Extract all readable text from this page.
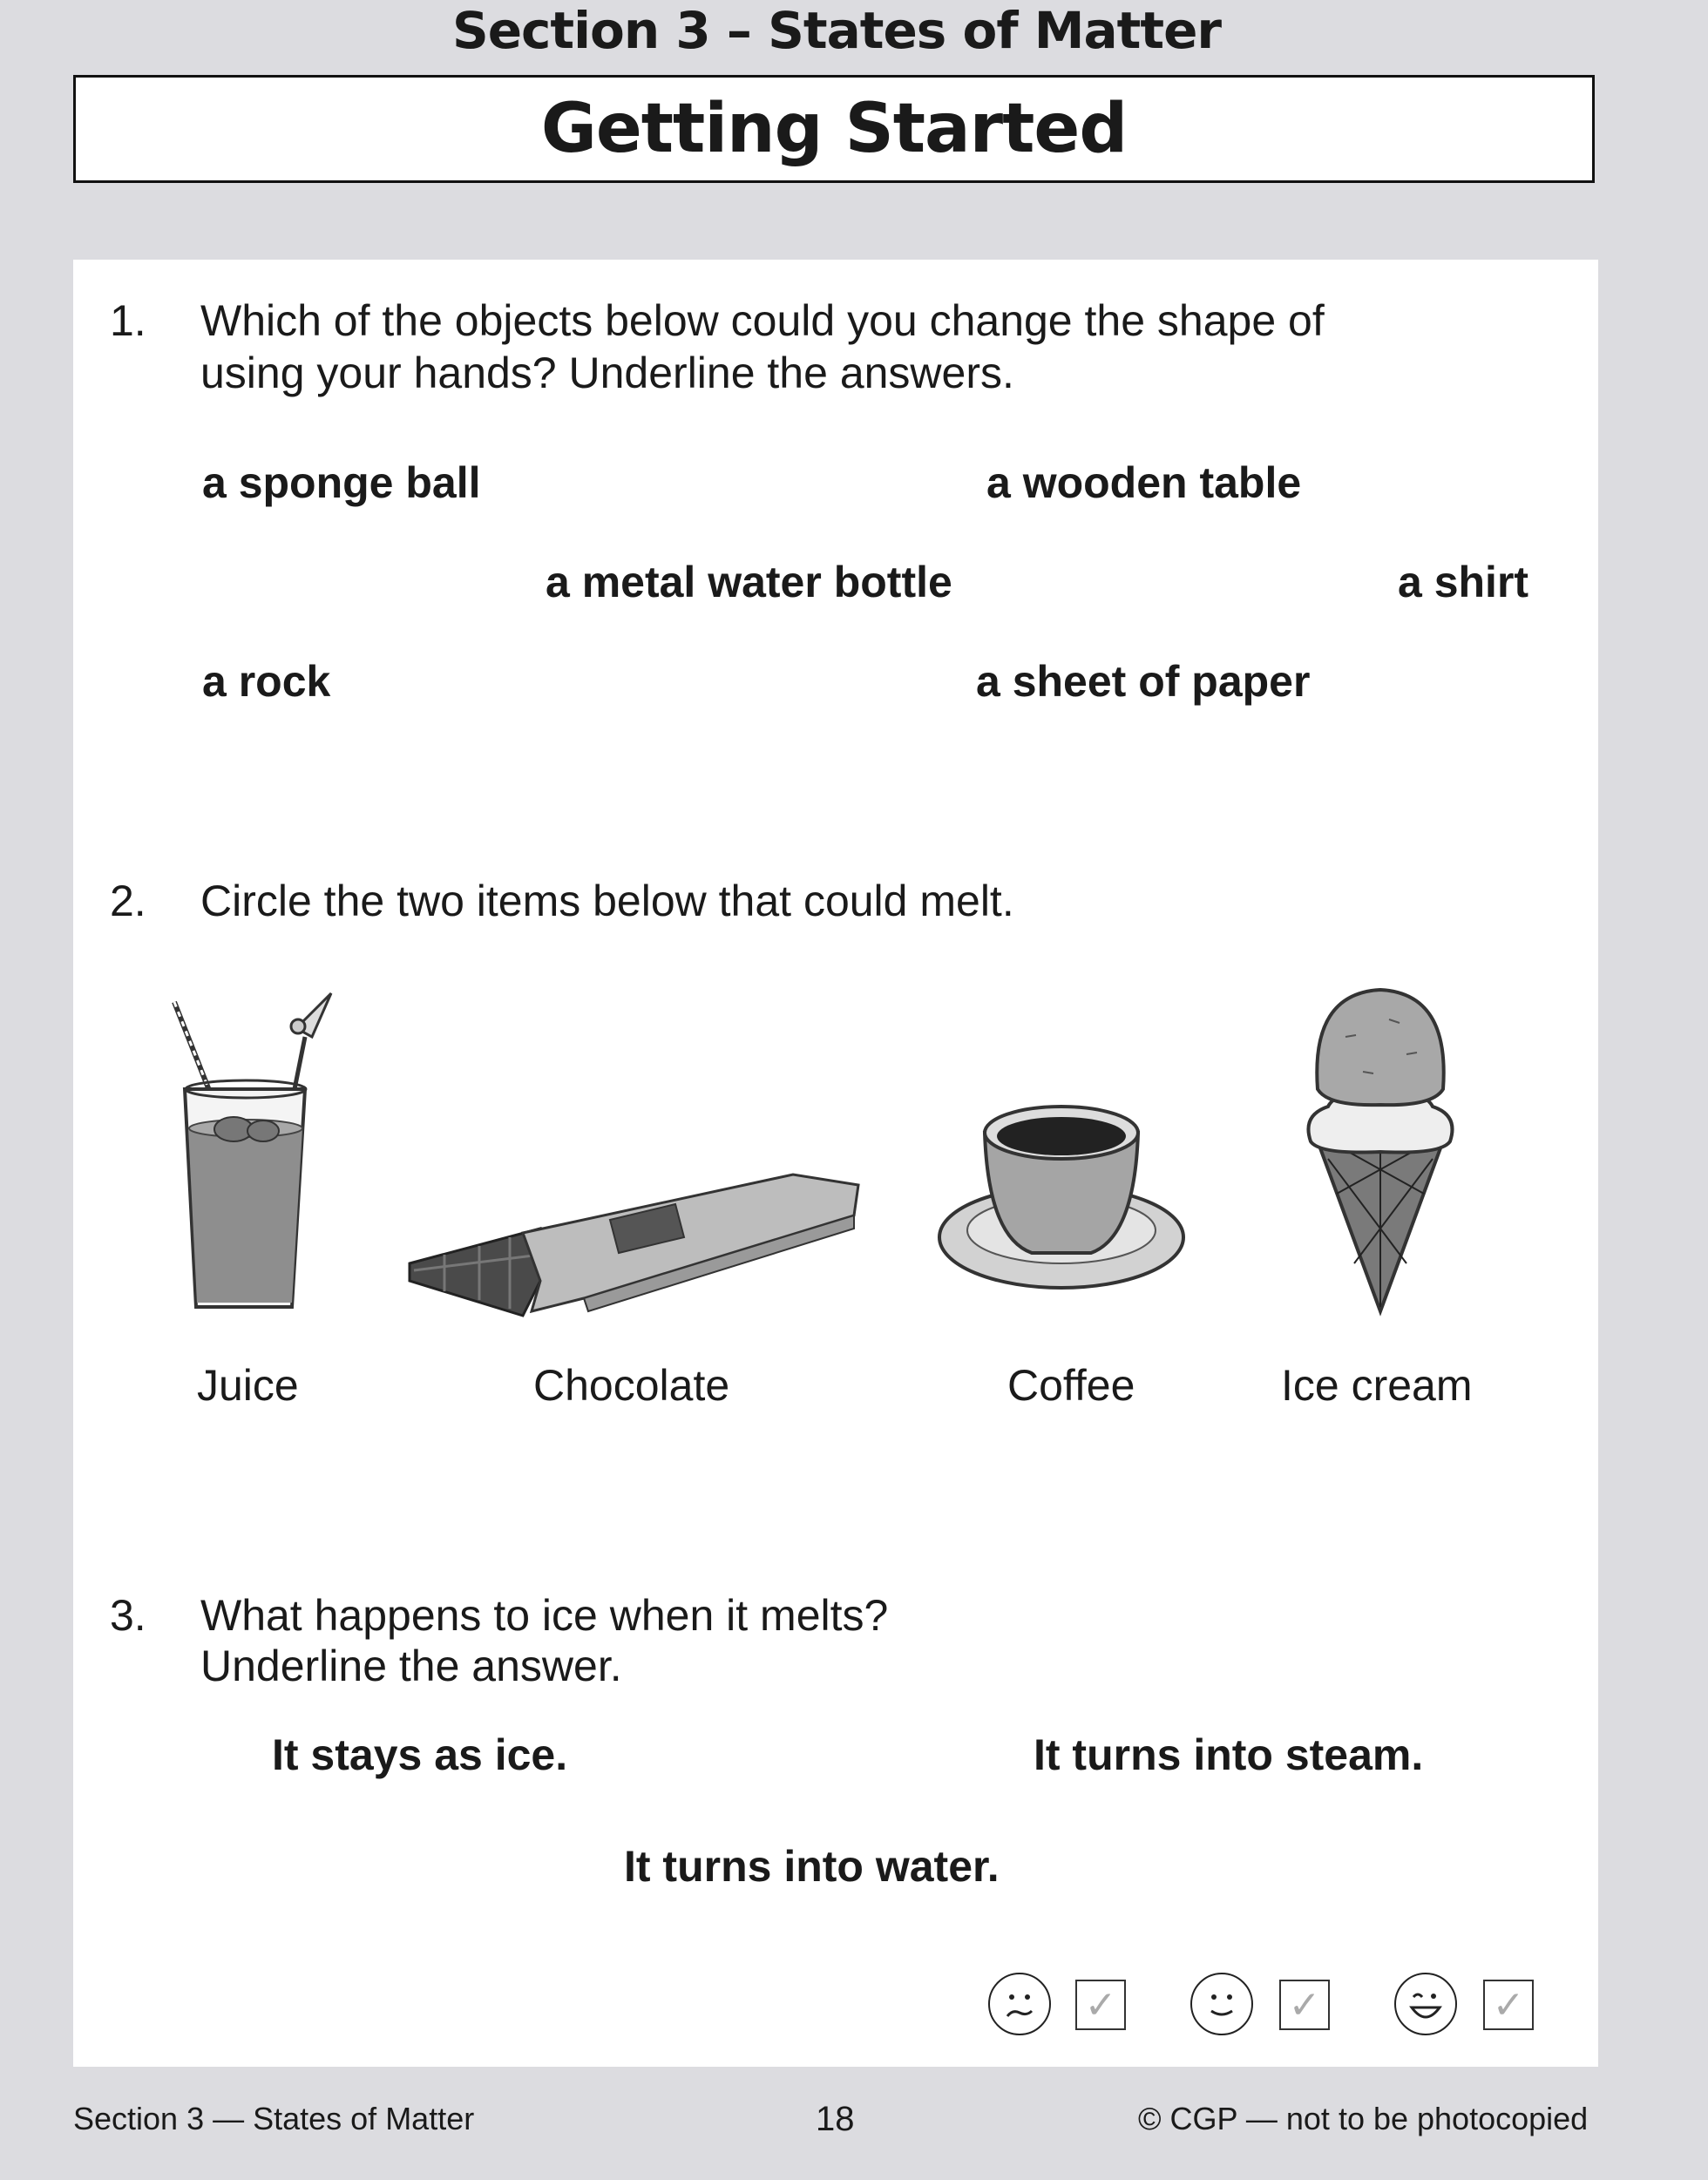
Section 3 – States of Matter
Getting Started
1. Which of the objects below could you change the shape of
using your hands? Underline the answers.
a sponge ball	a wooden table
a metal water bottle	a shirt
a rock	a sheet of paper
2. Circle the two items below that could melt.
Juice	Chocolate	Coffee	Ice cream
3. What happens to ice when it melts?
Underline the answer.
It stays as ice.	It turns into steam.
It turns into water.
✓	✓	✓
Section 3 — States of Matter	18	© CGP — not to be photocopied
